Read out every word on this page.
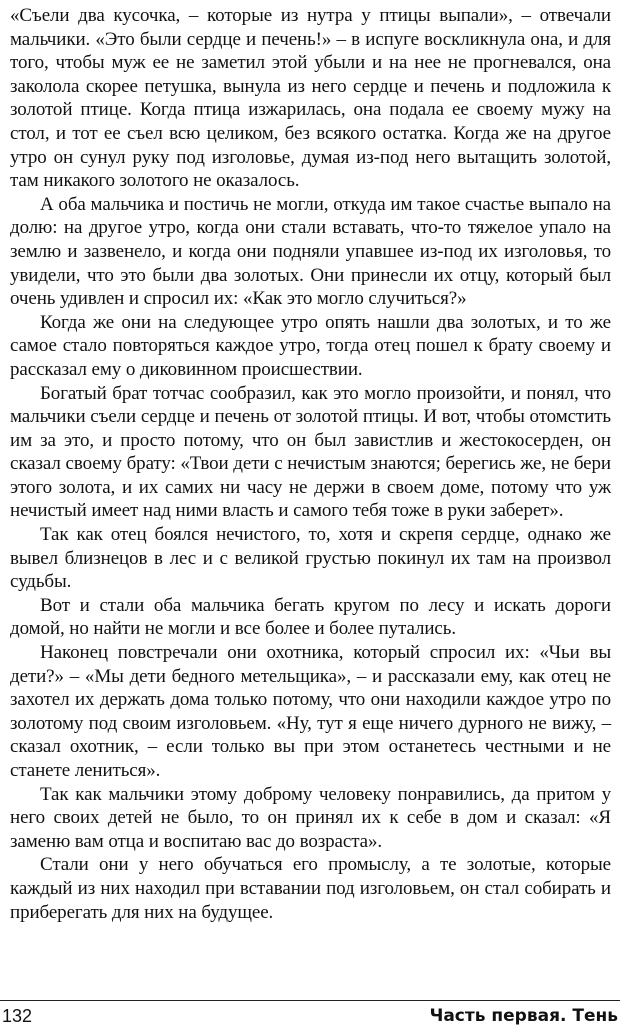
«Съели два кусочка, – которые из нутра у птицы выпали», – отвечали мальчики. «Это были сердце и печень!» – в испуге воскликнула она, и для того, чтобы муж ее не заметил этой убыли и на нее не прогневался, она заколола скорее петушка, вынула из него сердце и печень и подложила к золотой птице. Когда птица изжарилась, она подала ее своему мужу на стол, и тот ее съел всю целиком, без всякого остатка. Когда же на другое утро он сунул руку под изголовье, думая из-под него вытащить золотой, там никакого золотого не оказалось.

А оба мальчика и постичь не могли, откуда им такое счастье выпало на долю: на другое утро, когда они стали вставать, что-то тяжелое упало на землю и зазвенело, и когда они подняли упавшее из-под их изголовья, то увидели, что это были два золотых. Они принесли их отцу, который был очень удивлен и спросил их: «Как это могло случиться?»

Когда же они на следующее утро опять нашли два золотых, и то же самое стало повторяться каждое утро, тогда отец пошел к брату своему и рассказал ему о диковинном происшествии.

Богатый брат тотчас сообразил, как это могло произойти, и понял, что мальчики съели сердце и печень от золотой птицы. И вот, чтобы отомстить им за это, и просто потому, что он был завистлив и жестокосерден, он сказал своему брату: «Твои дети с нечистым знаются; берегись же, не бери этого золота, и их самих ни часу не держи в своем доме, потому что уж нечистый имеет над ними власть и самого тебя тоже в руки заберет».

Так как отец боялся нечистого, то, хотя и скрепя сердце, однако же вывел близнецов в лес и с великой грустью покинул их там на произвол судьбы.

Вот и стали оба мальчика бегать кругом по лесу и искать дороги домой, но найти не могли и все более и более путались.

Наконец повстречали они охотника, который спросил их: «Чьи вы дети?» – «Мы дети бедного метельщика», – и рассказали ему, как отец не захотел их держать дома только потому, что они находили каждое утро по золотому под своим изголовьем. «Ну, тут я еще ничего дурного не вижу, – сказал охотник, – если только вы при этом останетесь честными и не станете лениться».

Так как мальчики этому доброму человеку понравились, да притом у него своих детей не было, то он принял их к себе в дом и сказал: «Я заменю вам отца и воспитаю вас до возраста».

Стали они у него обучаться его промыслу, а те золотые, которые каждый из них находил при вставании под изголовьем, он стал собирать и приберегать для них на будущее.

132	Часть первая. Тень
